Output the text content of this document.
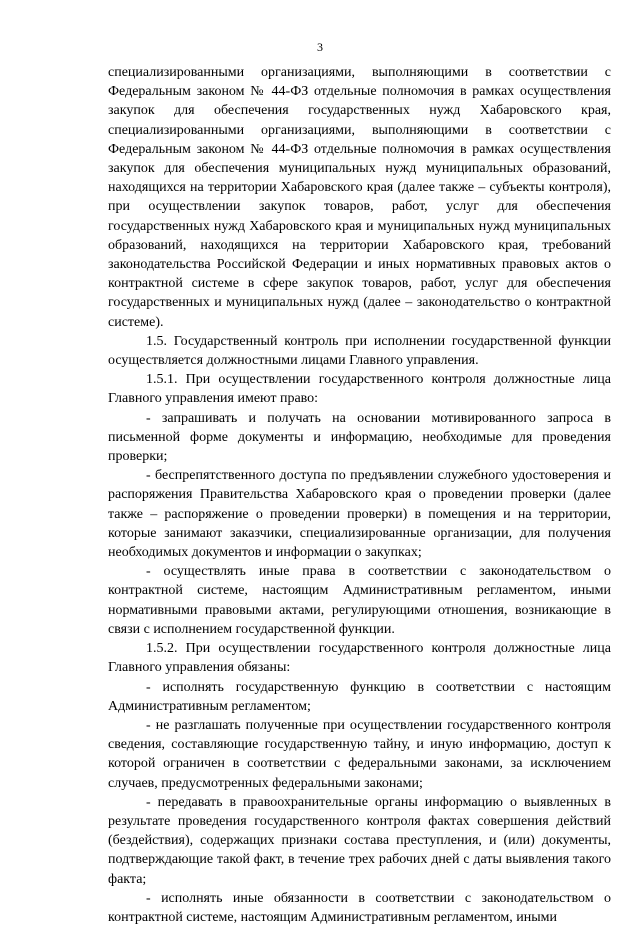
3

специализированными организациями, выполняющими в соответствии с Федеральным законом № 44-ФЗ отдельные полномочия в рамках осуществления закупок для обеспечения государственных нужд Хабаровского края, специализированными организациями, выполняющими в соответствии с Федеральным законом № 44-ФЗ отдельные полномочия в рамках осуществления закупок для обеспечения муниципальных нужд муниципальных образований, находящихся на территории Хабаровского края (далее также – субъекты контроля), при осуществлении закупок товаров, работ, услуг для обеспечения государственных нужд Хабаровского края и муниципальных нужд муниципальных образований, находящихся на территории Хабаровского края, требований законодательства Российской Федерации и иных нормативных правовых актов о контрактной системе в сфере закупок товаров, работ, услуг для обеспечения государственных и муниципальных нужд (далее – законодательство о контрактной системе).

1.5. Государственный контроль при исполнении государственной функции осуществляется должностными лицами Главного управления.

1.5.1. При осуществлении государственного контроля должностные лица Главного управления имеют право:

- запрашивать и получать на основании мотивированного запроса в письменной форме документы и информацию, необходимые для проведения проверки;

- беспрепятственного доступа по предъявлении служебного удостоверения и распоряжения Правительства Хабаровского края о проведении проверки (далее также – распоряжение о проведении проверки) в помещения и на территории, которые занимают заказчики, специализированные организации, для получения необходимых документов и информации о закупках;

- осуществлять иные права в соответствии с законодательством о контрактной системе, настоящим Административным регламентом, иными нормативными правовыми актами, регулирующими отношения, возникающие в связи с исполнением государственной функции.

1.5.2. При осуществлении государственного контроля должностные лица Главного управления обязаны:

- исполнять государственную функцию в соответствии с настоящим Административным регламентом;

- не разглашать полученные при осуществлении государственного контроля сведения, составляющие государственную тайну, и иную информацию, доступ к которой ограничен в соответствии с федеральными законами, за исключением случаев, предусмотренных федеральными законами;

- передавать в правоохранительные органы информацию о выявленных в результате проведения государственного контроля фактах совершения действий (бездействия), содержащих признаки состава преступления, и (или) документы, подтверждающие такой факт, в течение трех рабочих дней с даты выявления такого факта;

- исполнять иные обязанности в соответствии с законодательством о контрактной системе, настоящим Административным регламентом, иными
